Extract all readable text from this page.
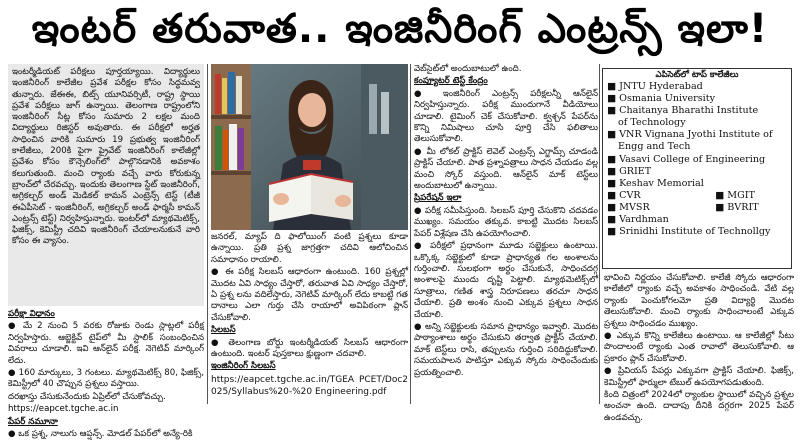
ఇంటర్ తరువాత.. ఇంజినీరింగ్ ఎంట్రన్స్ ఇలా!

ఇంటర్మీడియట్ పరీక్షలు పూర్తయ్యాయి. విద్యార్థులు ఇంజినీరింగ్ కాలేజీల ప్రవేశ పరీక్షల కోసం సిద్ధమవ్వ తున్నారు. జేఈఈ, బిట్స్ యూనివర్సిటీ, రాష్ట్ర స్థాయి ప్రవేశ పరీక్షలు జాగ్ ఉన్నాయి. తెలంగాణ రాష్ట్రంలోని ఇంజినీరింగ్ సీట్ల కోసం సుమారు 2 లక్షల మంది విద్యార్థులు రిజిస్టర్ అవుతారు. ఈ పరీక్షలో అర్హత సాధించిన వారికి సుమారు 19 ప్రభుత్వ ఇంజినీరింగ్ కాలేజీలు, 200కి పైగా ప్రైవేట్ ఇంజినీరింగ్ కాలేజీల్లో ప్రవేశం కోసం కౌన్సెలింగ్‌లో పాల్గొనడానికి అవకాశం కలుగుతుంది. మంచి ర్యాంకు వచ్చే వారు కోరుకున్న బ్రాంచ్‌లో చేరవచ్చు. ఇందుకు తెలంగాణ స్టేట్ ఇంజినీరింగ్, అగ్రికల్చర్ అండ్ మెడికల్ కామన్ ఎంట్రెన్స్ టెస్ట్ (టీజీ ఈఏపీసెట్ - ఇంజినీరింగ్, అగ్రికల్చర్ అండ్ ఫార్మసీ కామన్ ఎంట్రన్స్ టెస్ట్) నిర్వహిస్తున్నారు. ఇంటర్‌లో మ్యాథమెటిక్స్, ఫిజిక్స్, కెమిస్ట్రీ చదివి ఇంజినీరింగ్ చేయాలనుకునే వారి కోసం ఈ వ్యాసం.

పరీక్షా విధానం

● మే 2 నుంచి 5 వరకు రోజుకు రెండు స్లాట్లలో పరీక్ష నిర్వహిస్తారు. ఆబ్జెక్టివ్ టైప్‌లో మీ స్టాలిక్ సంబంధించిన వివరాలు చూడాలి. ఇవి ఆన్‌లైన్ పరీక్ష. నెగెటివ్ మార్కింగ్ లేదు.

● 160 మార్కులు, 3 గంటలు. మ్యాథమెటిక్స్ 80, ఫిజిక్స్, కెమిస్ట్రీలో 40 చొప్పున ప్రశ్నలు వస్తాయి.

దరఖాస్తు చేసుకునేందుకు ఏప్రిల్‌లో చేసుకోవచ్చు.

https://eapcet.tgche.ac.in

పేపర్ నమూనా

● ఒక ప్రశ్న, నాలుగు ఆప్షన్స్. మోడల్ పేపర్‌లో అన్యే-రికి

జనరల్, మ్యాప్ ది ఫాలోయింగ్ వంటి ప్రశ్నలు కూడా ఉన్నాయి. ప్రతి ప్రశ్న జాగ్రత్తగా చదివి ఆలోచించిన సమాధానం రాయాలి.

● ఈ పరీక్ష సిలబస్ ఆధారంగా ఉంటుంది. 160 ప్రశ్నల్లో మొదట ఏవి సాధ్యం చేస్తారో, తరువాత ఏవి సాధ్యం చేస్తారో, ఏ ప్రశ్న లను వదిలేస్తారు, నెగెటివ్ మార్కింగ్ లేదు కాబట్టి గత దానాలు ఎలా గుర్తు చేసి రాయాలో అవిపిఠంగా ప్లాన్ చేసుకోవాలి.

సిలబస్

● తెలంగాణ బోర్డు ఇంటర్మీడియట్ సిలబస్ ఆధారంగా ఉంటుంది. ఇంటర్ పుస్తకాలు క్షుణ్ణంగా చదవాలి.

ఇంజినీరింగ్ సిలబస్

https://eapcet.tgche.ac.in/TGEA PCET/Doc2025/Syllabus%20-%20 Engineering.pdf

వెబ్‌సైట్‌లో అందుబాటులో ఉంది.

కంప్యూటర్ టెస్ట్ కేంద్రం

● ఇంజినీరింగ్ ఎంట్రన్స్ పరీక్షలన్నీ ఆన్‌లైన్ నిర్వహిస్తున్నారు. పరీక్ష ముందుగానే వీడియోలు చూడాలి. టైమింగ్ చెక్ చేసుకోవాలి. క్వశ్చన్ పేపర్‌ను కొన్ని నిమిషాలు చూసి పూర్తి చేసి ఫలితాలు తెలుసుకోవాలి.

● మీ లోకల్ ప్రాక్టిస్ లెవెల్ ఎంట్రన్స్ ఎగ్జామ్స్ చూడండి ప్రాక్టిస్ చేయాలి. పాత ప్రశ్నాపత్రాలు సాధన చేయడం వల్ల మంచి స్కోర్ వస్తుంది. ఆన్‌లైన్ మాక్ టెస్ట్‌లు అందుబాటులో ఉన్నాయి.

ప్రిపరేషన్ ఇలా

● పరీక్ష సమీపిస్తుంది. సిలబస్ పూర్తి చేసుకొని చదవడం ముఖ్యం. సమయం తక్కువ. కాబట్టి మొదట సిలబస్ పేపర్ విశ్లేషణ చేసి ఉపయోగించాలి.

● పరీక్షలో ప్రధానంగా మూడు సబ్జెక్టులు ఉంటాయి. ఒక్కొక్క సబ్జెక్టులో కూడా ప్రాధాన్యత గల అంశాలను గుర్తించాలి. సులభంగా అర్థం చేసుకునే, సాధించదగ్గ అంశాలపై ముందు దృష్టి పెట్టాలి. మ్యాథమెటిక్స్‌లో సూత్రాలు, గణిత శాస్త్ర నిరూపణలు తరచూ సాధన చేయాలి. ప్రతి అంశం నుంచి ఎక్కువ ప్రశ్నలు సాధన చేయాలి.

● అన్ని సబ్జెక్టులకు సమాన ప్రాధాన్యం ఇవ్వాలి. మొదట పాఠ్యాంశాలు అర్థం చేసుకుని తర్వాత ప్రాక్టీస్ చేయాలి. మాక్ టెస్ట్‌లు రాసి, తప్పులను గుర్తించి సరిదిద్దుకోవాలి. సమయపాలన పాటిస్తూ ఎక్కువ స్కోరు సాధించేందుకు ప్రయత్నించాలి.

ఎపిసెట్‌లో టాప్ కాలేజీలు
■ JNTU Hyderabad
■ Osmania University
■ Chaitanya Bharathi Institute
of Technology
■ VNR Vignana Jyothi Institute of
Engg and Tech
■ Vasavi College of Engineering
■ GRIET
■ Keshav Memorial
■ CVR	■ MGIT
■ MVSR	■ BVRIT
■ Vardhman
■ Srinidhi Institute of Technollgy

భావించి నిర్ణయం చేసుకోవాలి. కాలేజీ స్కోరు ఆధారంగా కాలేజీలో ర్యాంకు వచ్చే అవకాశం సాధించండి. వేటి వల్ల ర్యాంకు పెంచుకోగలమో ప్రతి విద్యార్థి మొదట తెలుసుకోవాలి. మంచి ర్యాంకు సాధించాలంటే ఎక్కువ ప్రశ్నలు సాధించడం ముఖ్యం.

● ఎక్కువ కొన్ని కాలేజీలు ఉంటాయి. ఆ కాలేజీల్లో సీటు పొందాలంటే ర్యాంకు ఎంత రావాలో తెలుసుకోవాలి. ఆ ప్రకారం ప్లాన్ చేసుకోవాలి.

● ప్రివియస్ పేపర్లు ఎక్కువగా ప్రాక్టిస్ చేయాలి. ఫిజిక్స్, కెమిస్ట్రీలో ఫార్ములా టేబుల్ ఉపయోగపడుతుంది.

కింది చిత్రంలో 2024లో ర్యాంకుల స్థాయిలో వచ్చిన ప్రశ్నల అంచనా ఉంది. దాదాపు దీనికి దగ్గరగా 2025 పేపర్ ఉండవచ్చు.
